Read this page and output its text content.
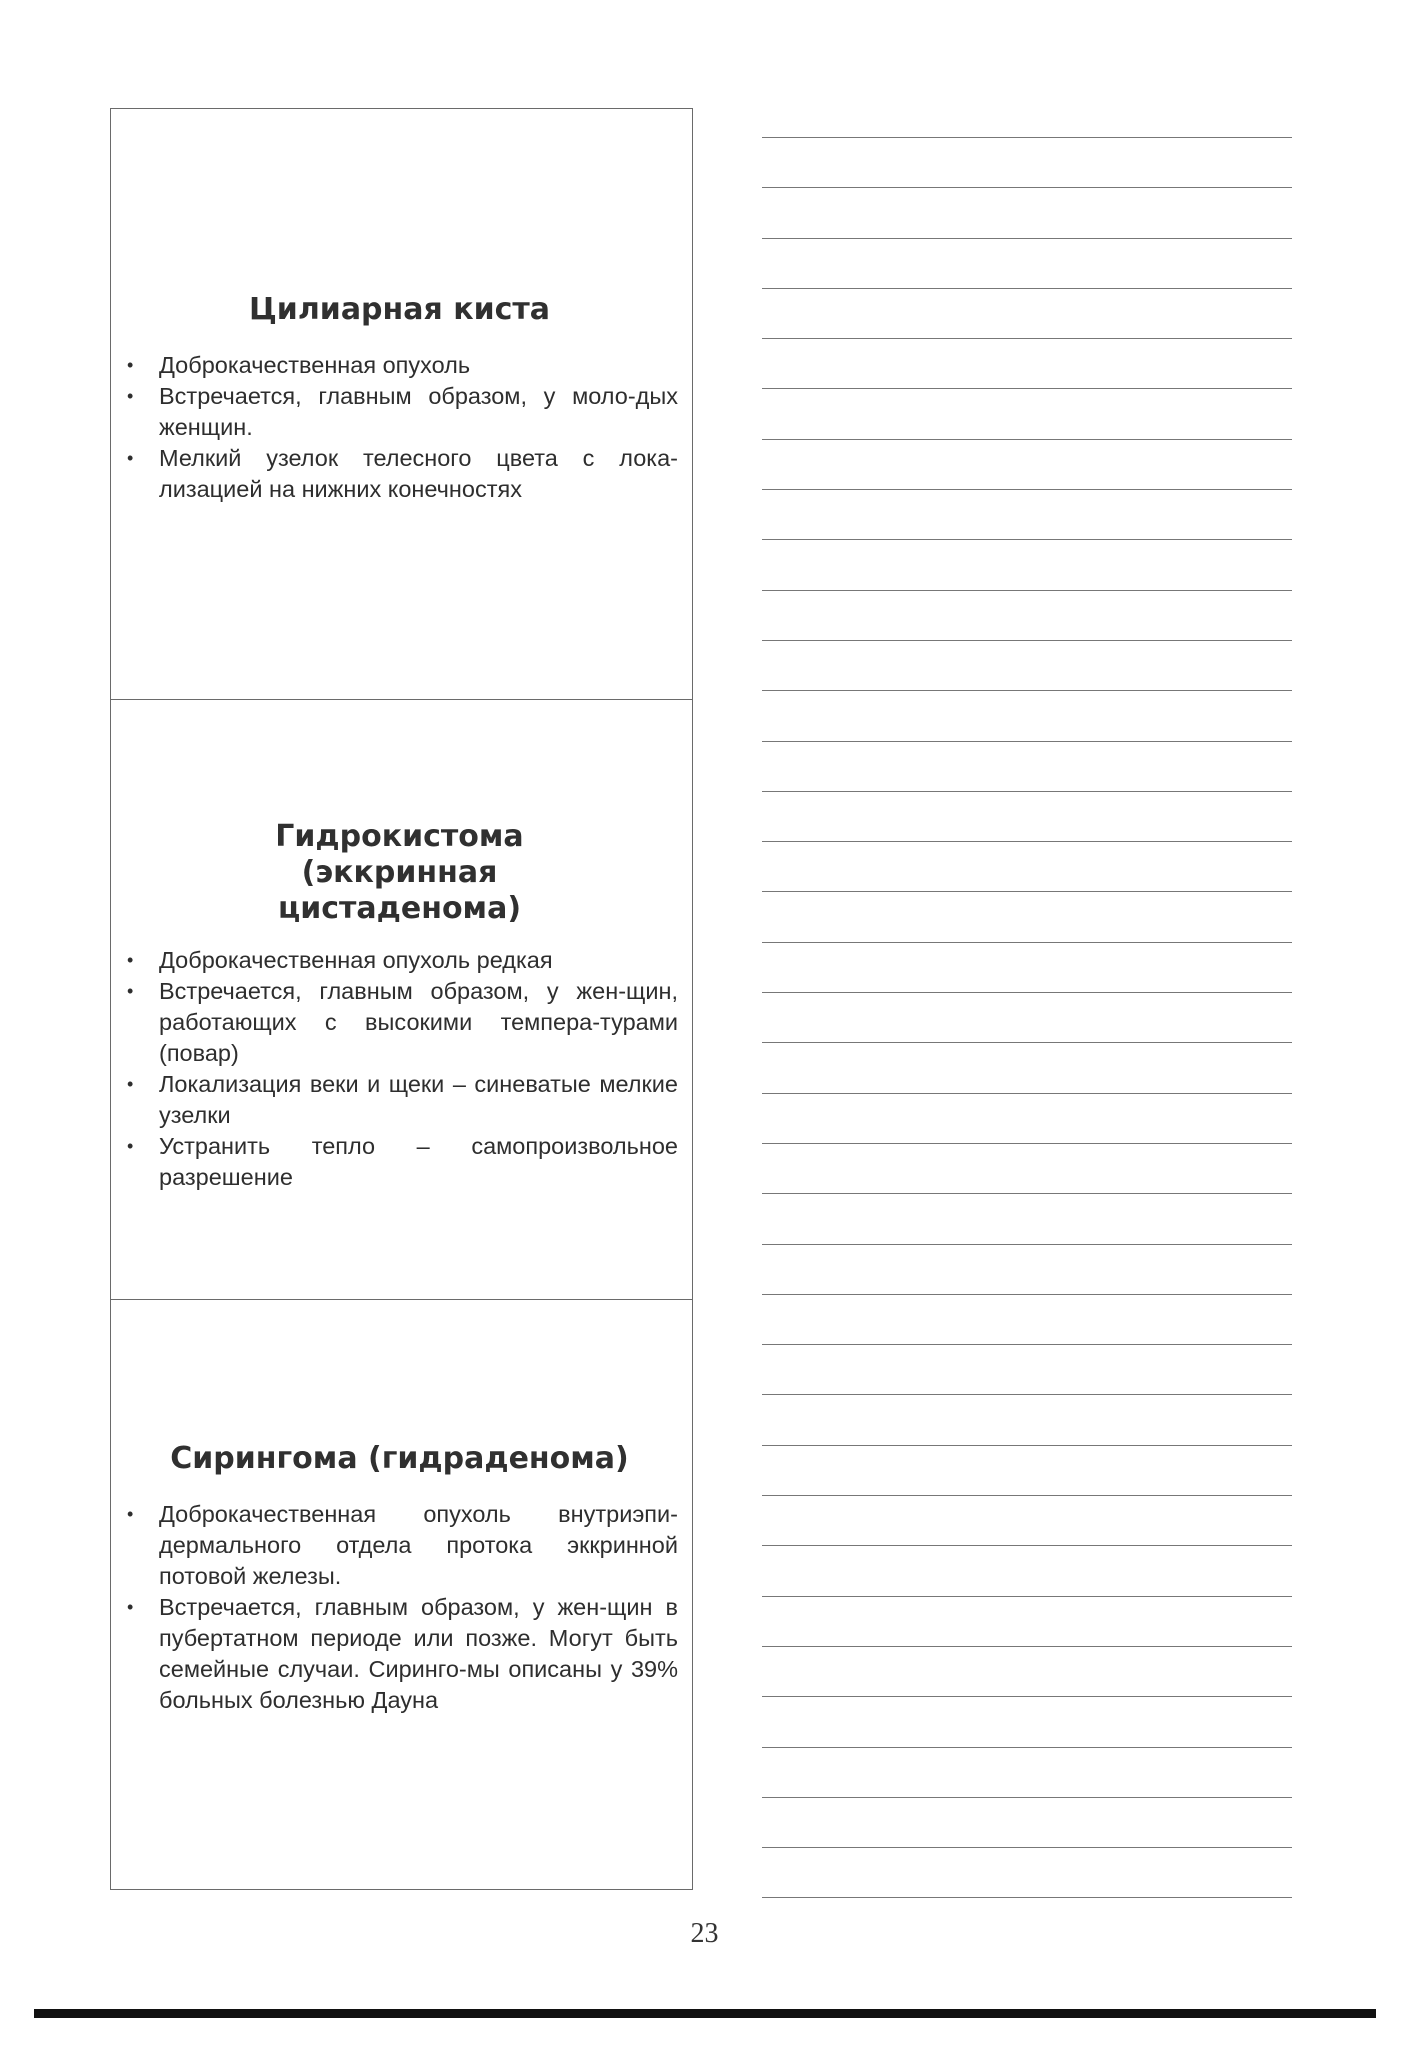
Цилиарная киста
• Доброкачественная опухоль
• Встречается, главным образом, у моло-дых женщин.
• Мелкий узелок телесного цвета с лока-лизацией на нижних конечностях
Гидрокистома (эккринная цистаденома)
• Доброкачественная опухоль редкая
• Встречается, главным образом, у жен-щин, работающих с высокими темпера-турами (повар)
• Локализация веки и щеки – синеватые мелкие узелки
• Устранить тепло – самопроизвольное разрешение
Сирингома (гидраденома)
• Доброкачественная опухоль внутриэпи-дермального отдела протока эккринной потовой железы.
• Встречается, главным образом, у жен-щин в пубертатном периоде или позже. Могут быть семейные случаи. Сиринго-мы описаны у 39% больных болезнью Дауна
23
